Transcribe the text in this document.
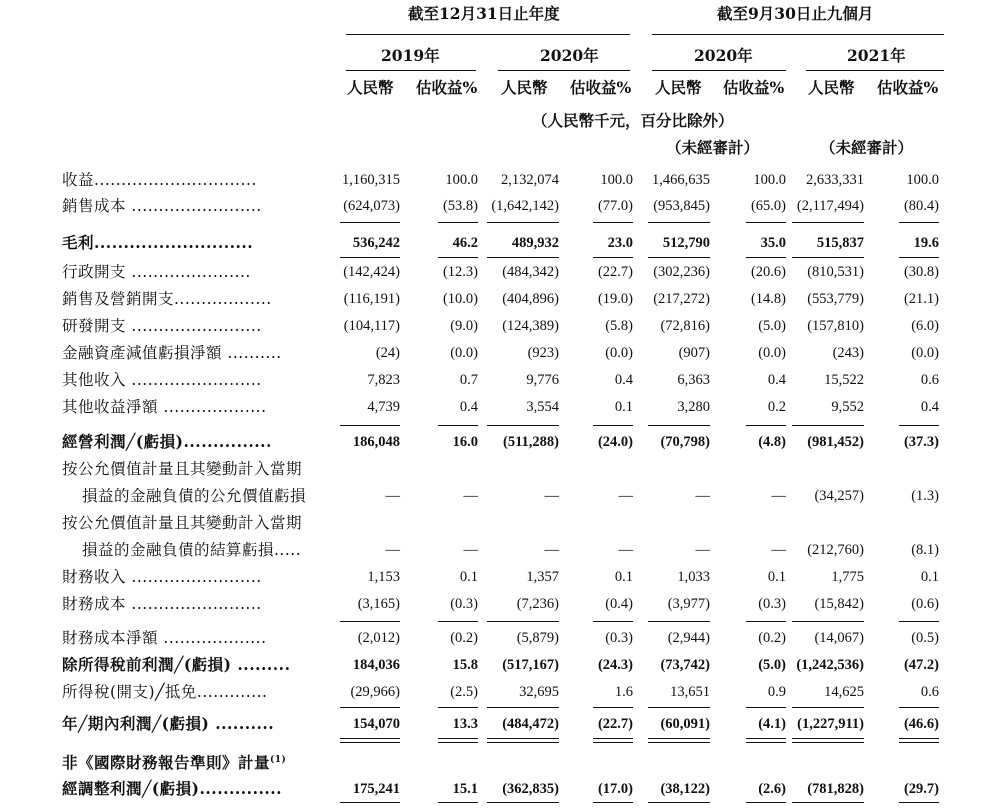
截至12月31日止年度	截至9月30日止九個月
2019年	2020年	2020年	2021年
人民幣 估收益% 人民幣 估收益% 人民幣 估收益% 人民幣 估收益%
（人民幣千元，百分比除外）
（未經審計）	（未經審計）
收益..............................	1,160,315	100.0	2,132,074	100.0	1,466,635	100.0	2,633,331	100.0
銷售成本 ........................	(624,073)	(53.8) (1,642,142)	(77.0)	(953,845)	(65.0) (2,117,494)	(80.4)
毛利...........................	536,242	46.2	489,932	23.0	512,790	35.0	515,837	19.6
行政開支 ......................	(142,424)	(12.3)	(484,342)	(22.7)	(302,236)	(20.6)	(810,531)	(30.8)
銷售及營銷開支..................	(116,191)	(10.0)	(404,896)	(19.0)	(217,272)	(14.8)	(553,779)	(21.1)
研發開支 ........................	(104,117)	(9.0)	(124,389)	(5.8)	(72,816)	(5.0)	(157,810)	(6.0)
金融資產減值虧損淨額 ..........	(24)	(0.0)	(923)	(0.0)	(907)	(0.0)	(243)	(0.0)
其他收入 ........................	7,823	0.7	9,776	0.4	6,363	0.4	15,522	0.6
其他收益淨額 ...................	4,739	0.4	3,554	0.1	3,280	0.2	9,552	0.4
經營利潤╱(虧損)...............	186,048	16.0	(511,288)	(24.0)	(70,798)	(4.8)	(981,452)	(37.3)
按公允價值計量且其變動計入當期
損益的金融負債的公允價值虧損	—	—	—	—	—	—	(34,257)	(1.3)
按公允價值計量且其變動計入當期
損益的金融負債的結算虧損.....	—	—	—	—	—	—	(212,760)	(8.1)
財務收入 ........................	1,153	0.1	1,357	0.1	1,033	0.1	1,775	0.1
財務成本 ........................	(3,165)	(0.3)	(7,236)	(0.4)	(3,977)	(0.3)	(15,842)	(0.6)
財務成本淨額 ...................	(2,012)	(0.2)	(5,879)	(0.3)	(2,944)	(0.2)	(14,067)	(0.5)
除所得稅前利潤╱(虧損) .........	184,036	15.8	(517,167)	(24.3)	(73,742)	(5.0) (1,242,536)	(47.2)
所得稅(開支)╱抵免.............	(29,966)	(2.5)	32,695	1.6	13,651	0.9	14,625	0.6
年╱期內利潤╱(虧損) ..........	154,070	13.3	(484,472)	(22.7)	(60,091)	(4.1) (1,227,911)	(46.6)
非《國際財務報告準則》計量$^{(1)}$
經調整利潤╱(虧損)..............	175,241	15.1	(362,835)	(17.0)	(38,122)	(2.6)	(781,828)	(29.7)
